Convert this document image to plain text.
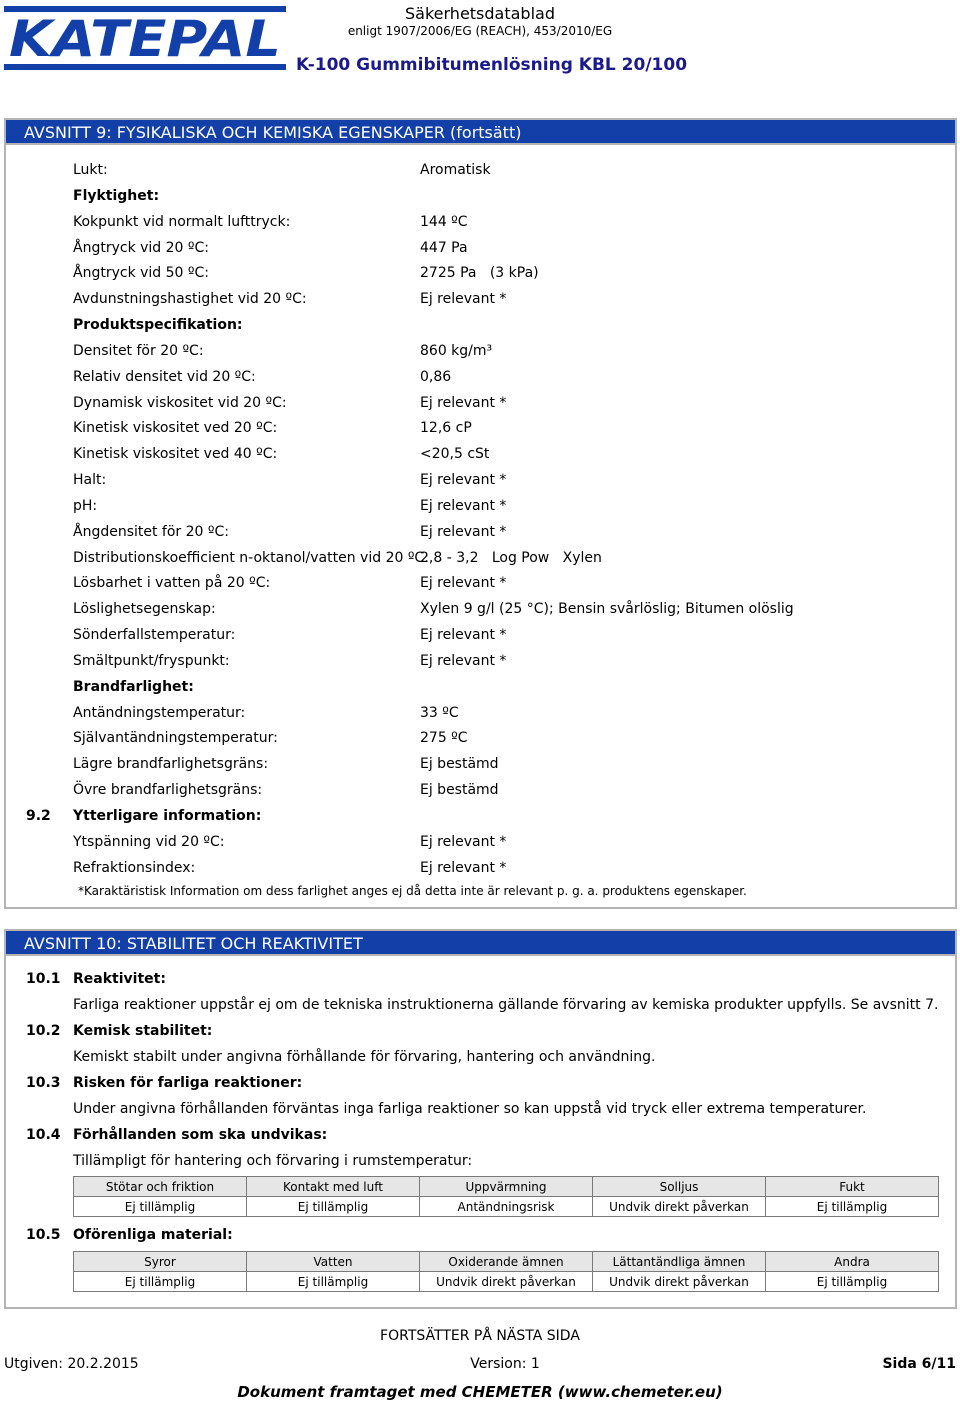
KATEPAL	Säkerhetsdatablad
enligt 1907/2006/EG (REACH), 453/2010/EG
K-100 Gummibitumenlösning KBL 20/100
AVSNITT 9: FYSIKALISKA OCH KEMISKA EGENSKAPER (fortsätt)
Lukt:	Aromatisk
Flyktighet:
Kokpunkt vid normalt lufttryck:	144 ºC
Ångtryck vid 20 ºC:	447 Pa
Ångtryck vid 50 ºC:	2725 Pa   (3 kPa)
Avdunstningshastighet vid 20 ºC:	Ej relevant *
Produktspecifikation:
Densitet för 20 ºC:	860 kg/m³
Relativ densitet vid 20 ºC:	0,86
Dynamisk viskositet vid 20 ºC:	Ej relevant *
Kinetisk viskositet ved 20 ºC:	12,6 cP
Kinetisk viskositet ved 40 ºC:	<20,5 cSt
Halt:	Ej relevant *
pH:	Ej relevant *
Ångdensitet för 20 ºC:	Ej relevant *
Distributionskoefficient n-oktanol/vatten vid 20 ºC:
2,8 - 3,2   Log Pow   Xylen
Lösbarhet i vatten på 20 ºC:	Ej relevant *
Löslighetsegenskap:	Xylen 9 g/l (25 °C); Bensin svårlöslig; Bitumen olöslig
Sönderfallstemperatur:	Ej relevant *
Smältpunkt/fryspunkt:	Ej relevant *
Brandfarlighet:
Antändningstemperatur:	33 ºC
Självantändningstemperatur:	275 ºC
Lägre brandfarlighetsgräns:	Ej bestämd
Övre brandfarlighetsgräns:	Ej bestämd
9.2 Ytterligare information:
Ytspänning vid 20 ºC:	Ej relevant *
Refraktionsindex:	Ej relevant *
*Karaktäristisk Information om dess farlighet anges ej då detta inte är relevant p. g. a. produktens egenskaper.
AVSNITT 10: STABILITET OCH REAKTIVITET
10.1 Reaktivitet:
Farliga reaktioner uppstår ej om de tekniska instruktionerna gällande förvaring av kemiska produkter uppfylls. Se avsnitt 7.
10.2 Kemisk stabilitet:
Kemiskt stabilt under angivna förhållande för förvaring, hantering och användning.
10.3 Risken för farliga reaktioner:
Under angivna förhållanden förväntas inga farliga reaktioner so kan uppstå vid tryck eller extrema temperaturer.
10.4 Förhållanden som ska undvikas:
Tillämpligt för hantering och förvaring i rumstemperatur:
Stötar och friktion	Kontakt med luft	Uppvärmning	Solljus	Fukt
Ej tillämplig	Ej tillämplig	Antändningsrisk	Undvik direkt påverkan	Ej tillämplig
10.5 Oförenliga material:
Syror	Vatten	Oxiderande ämnen	Lättantändliga ämnen	Andra
Ej tillämplig	Ej tillämplig	Undvik direkt påverkan	Undvik direkt påverkan	Ej tillämplig
FORTSÄTTER PÅ NÄSTA SIDA
Utgiven: 20.2.2015	Version: 1	Sida 6/11
Dokument framtaget med CHEMETER (www.chemeter.eu)
